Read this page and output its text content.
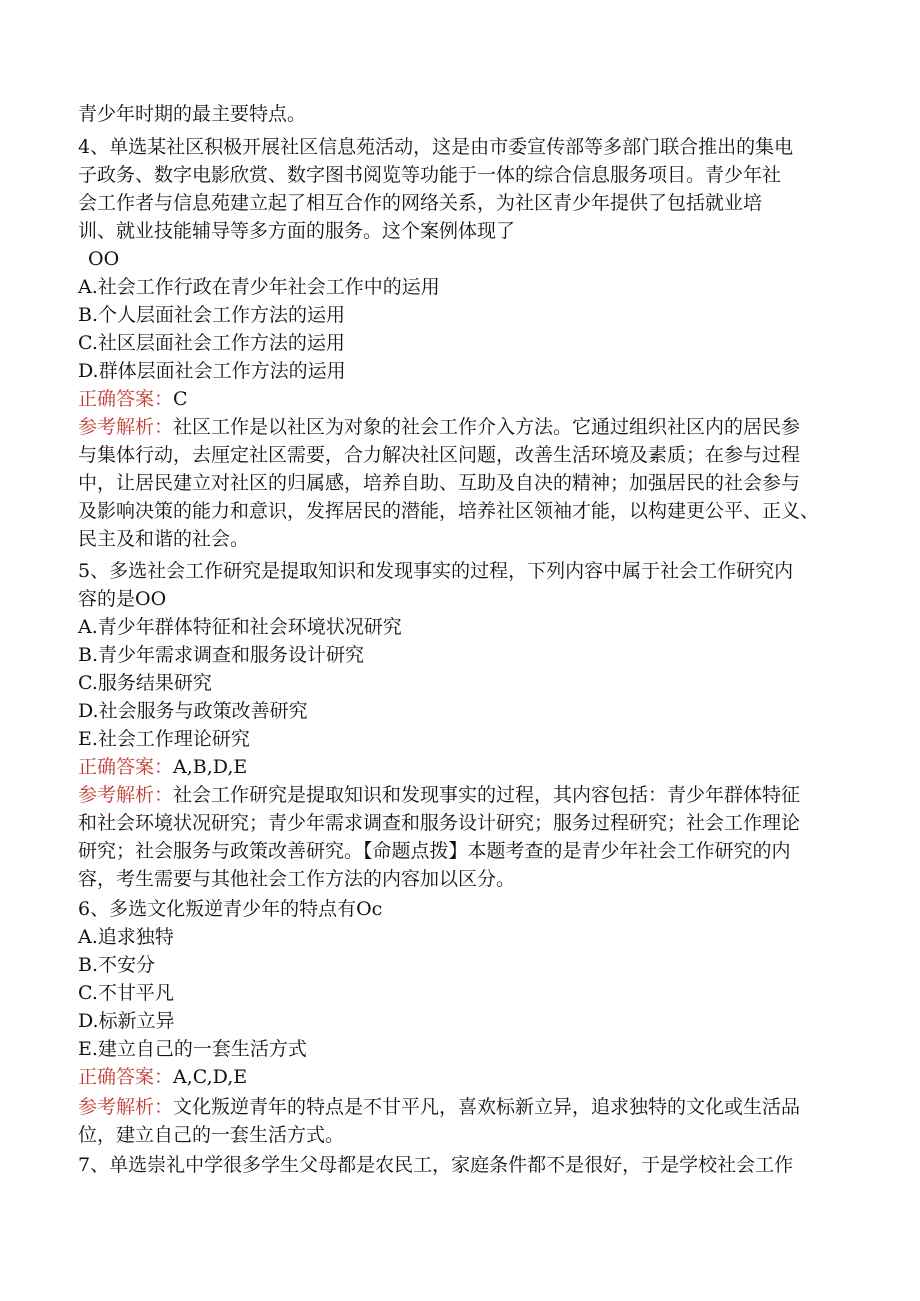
青少年时期的最主要特点。
4、单选某社区积极开展社区信息苑活动，这是由市委宣传部等多部门联合推出的集电
子政务、数字电影欣赏、数字图书阅览等功能于一体的综合信息服务项目。青少年社
会工作者与信息苑建立起了相互合作的网络关系，为社区青少年提供了包括就业培
训、就业技能辅导等多方面的服务。这个案例体现了
OO
A.社会工作行政在青少年社会工作中的运用
B.个人层面社会工作方法的运用
C.社区层面社会工作方法的运用
D.群体层面社会工作方法的运用
正确答案：C
参考解析：社区工作是以社区为对象的社会工作介入方法。它通过组织社区内的居民参
与集体行动，去厘定社区需要，合力解决社区问题，改善生活环境及素质；在参与过程
中，让居民建立对社区的归属感，培养自助、互助及自决的精神；加强居民的社会参与
及影响决策的能力和意识，发挥居民的潜能，培养社区领袖才能，以构建更公平、正义、
民主及和谐的社会。
5、多选社会工作研究是提取知识和发现事实的过程，下列内容中属于社会工作研究内
容的是OO
A.青少年群体特征和社会环境状况研究
B.青少年需求调查和服务设计研究
C.服务结果研究
D.社会服务与政策改善研究
E.社会工作理论研究
正确答案：A,B,D,E
参考解析：社会工作研究是提取知识和发现事实的过程，其内容包括：青少年群体特征
和社会环境状况研究；青少年需求调查和服务设计研究；服务过程研究；社会工作理论
研究；社会服务与政策改善研究。【命题点拨】本题考查的是青少年社会工作研究的内
容，考生需要与其他社会工作方法的内容加以区分。
6、多选文化叛逆青少年的特点有Oc
A.追求独特
B.不安分
C.不甘平凡
D.标新立异
E.建立自己的一套生活方式
正确答案：A,C,D,E
参考解析：文化叛逆青年的特点是不甘平凡，喜欢标新立异，追求独特的文化或生活品
位，建立自己的一套生活方式。
7、单选崇礼中学很多学生父母都是农民工，家庭条件都不是很好，于是学校社会工作
